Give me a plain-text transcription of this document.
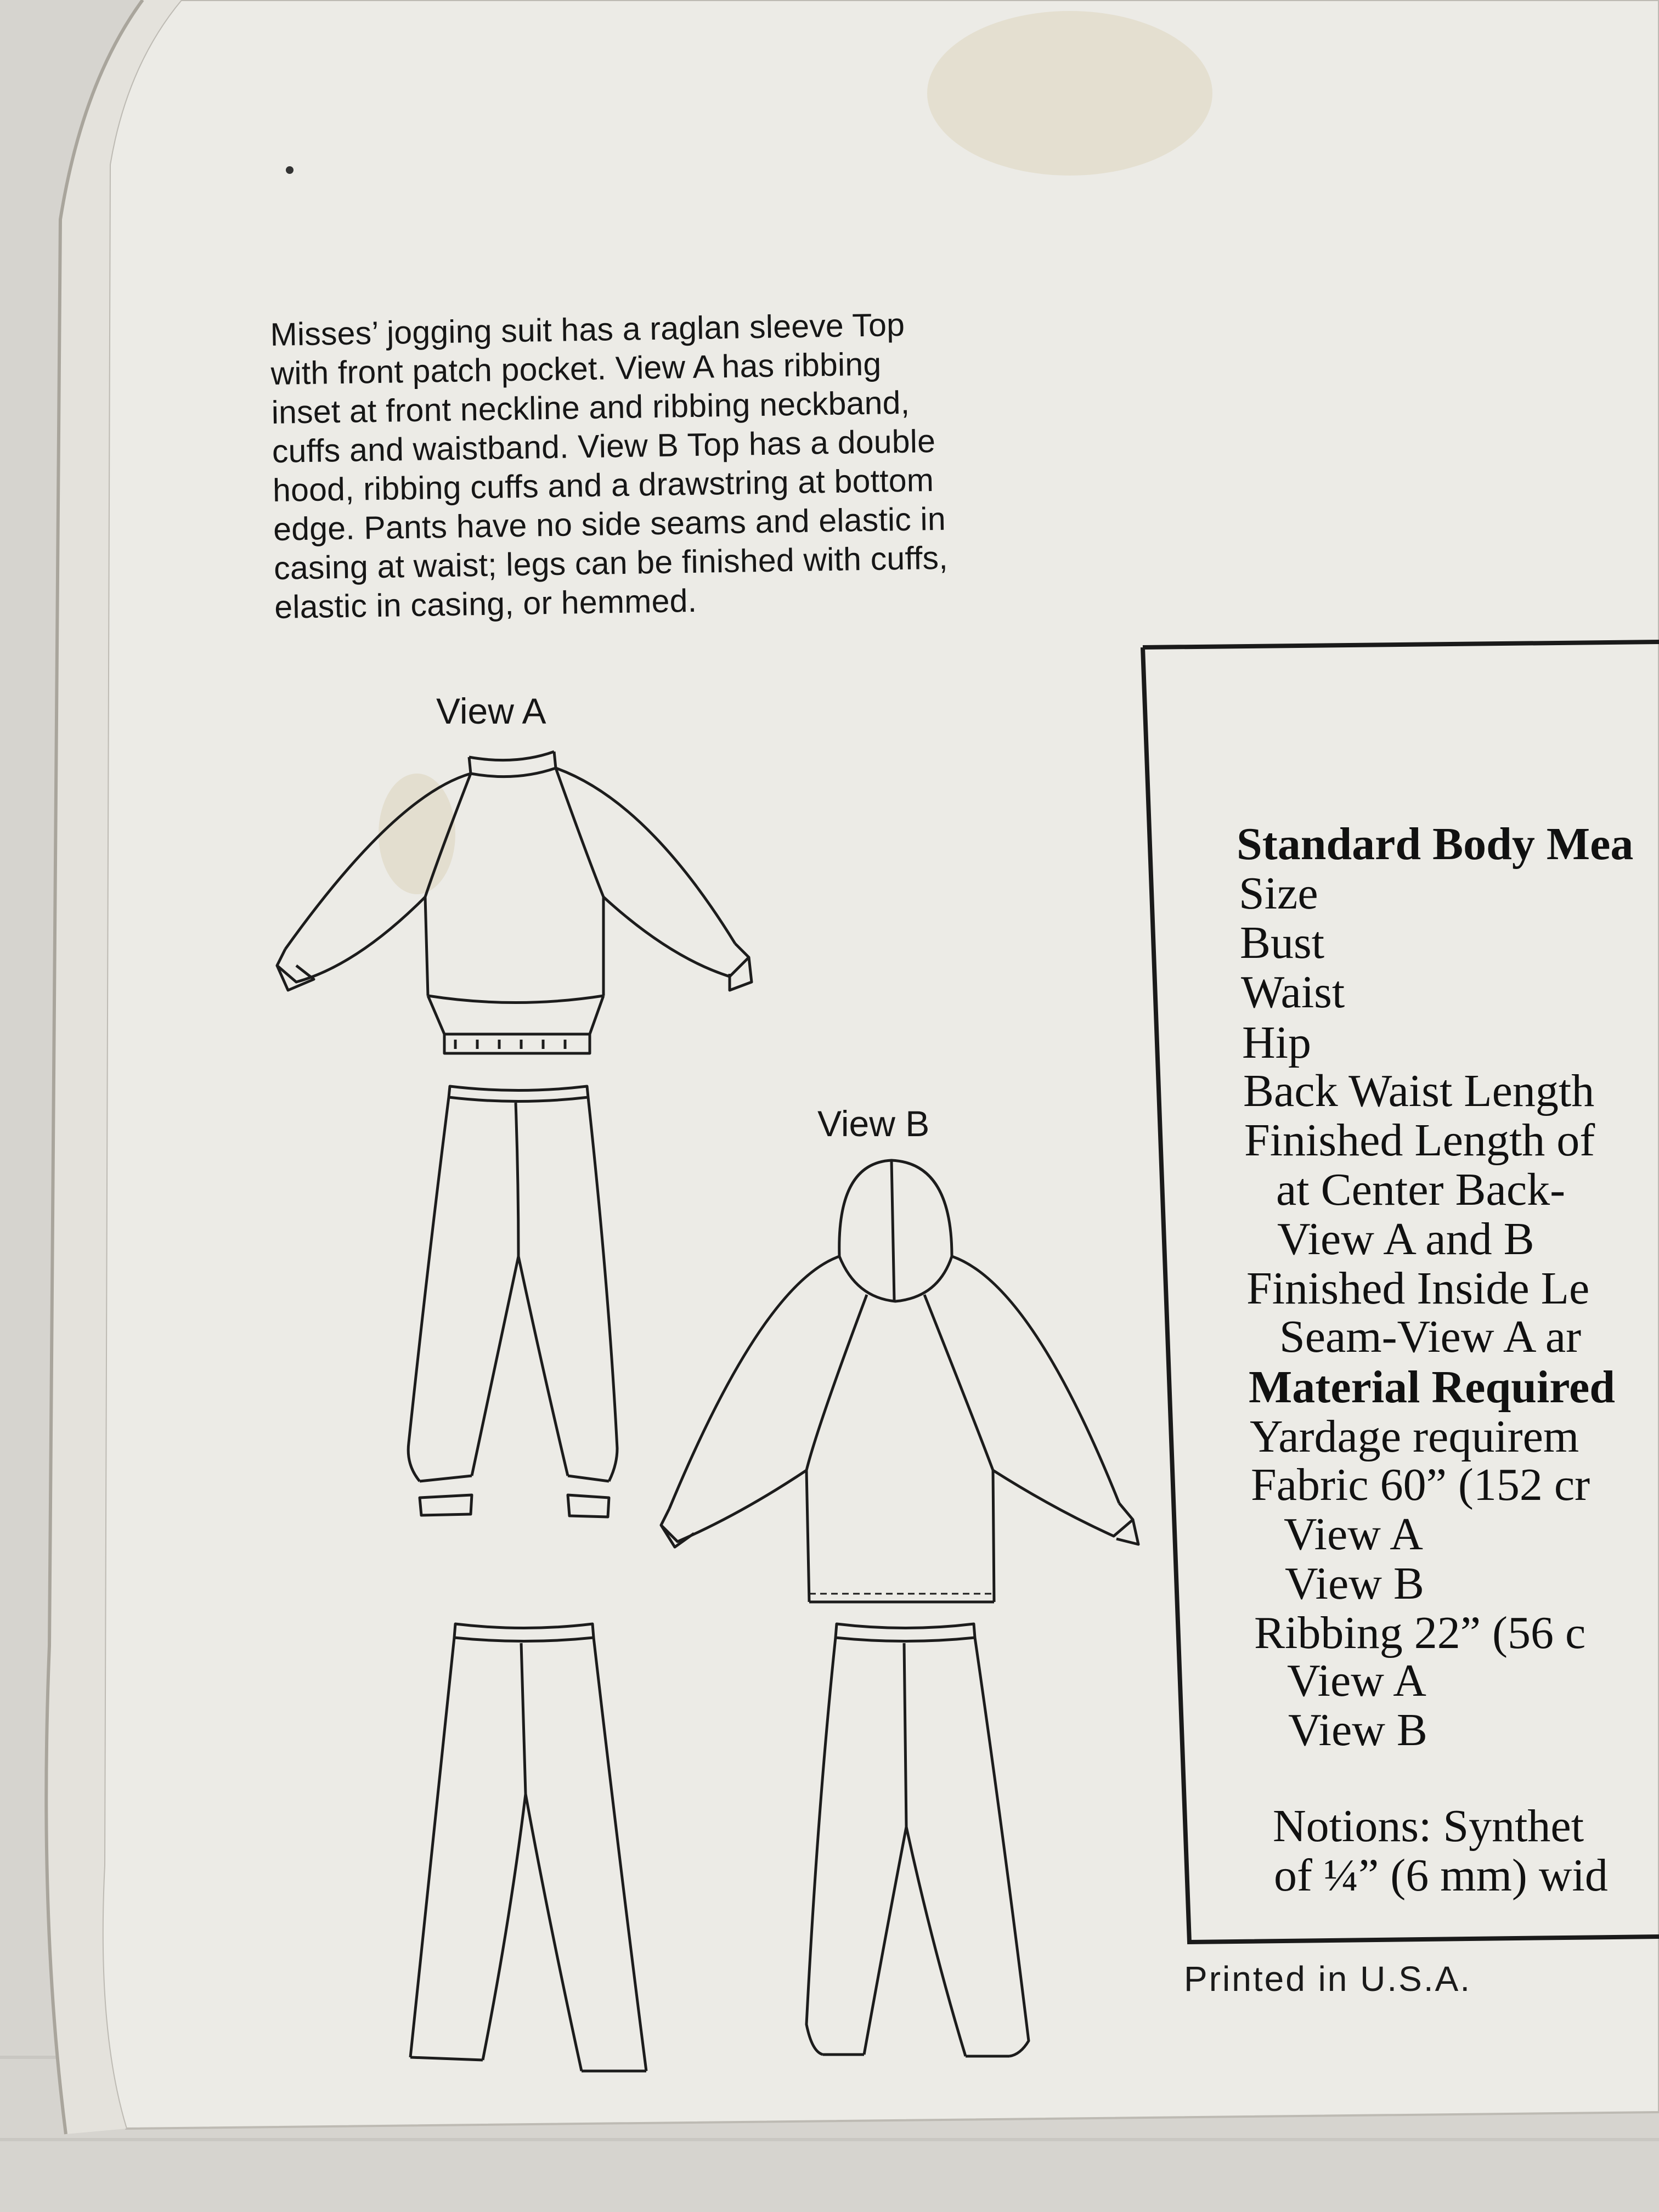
Misses’ jogging suit has a raglan sleeve Top
with front patch pocket. View A has ribbing
inset at front neckline and ribbing neckband,
cuffs and waistband. View B Top has a double
hood, ribbing cuffs and a drawstring at bottom
edge. Pants have no side seams and elastic in
casing at waist; legs can be finished with cuffs,
elastic in casing, or hemmed.
View A
View B
Standard Body Mea
Size
Bust
Waist
Hip
Back Waist Length
Finished Length of
at Center Back-
View A and B
Finished Inside Le
Seam-View A ar
Material Required
Yardage requirem
Fabric 60” (152 cr
View A
View B
Ribbing 22” (56 c
View A
View B
Notions: Synthet
of ¼” (6 mm) wid
Printed in U.S.A.
